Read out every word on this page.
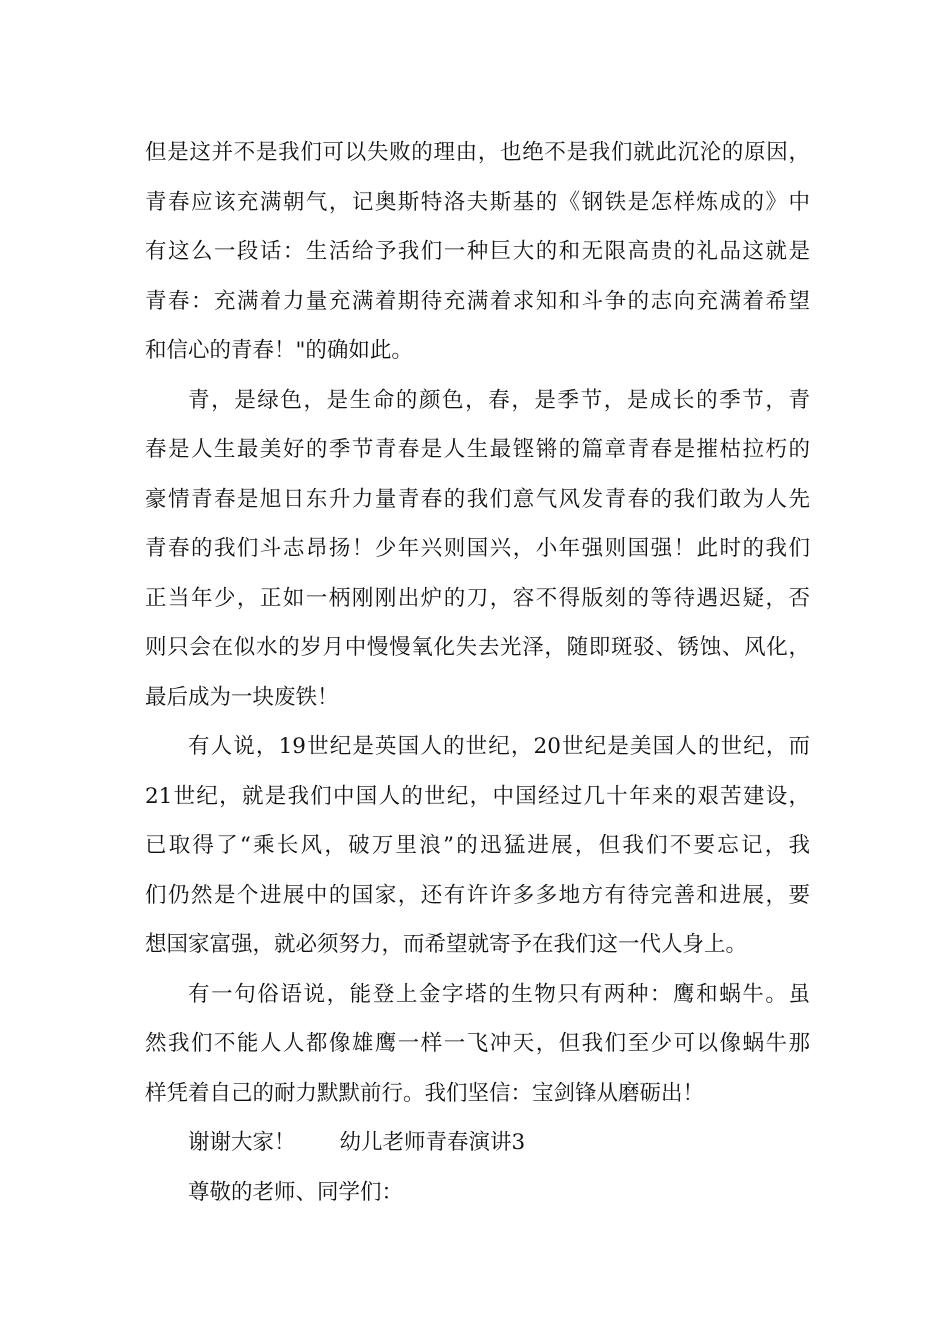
但是这并不是我们可以失败的理由，也绝不是我们就此沉沦的原因，
青春应该充满朝气，记奥斯特洛夫斯基的《钢铁是怎样炼成的》中
有这么一段话：生活给予我们一种巨大的和无限高贵的礼品这就是
青春：充满着力量充满着期待充满着求知和斗争的志向充满着希望
和信心的青春！"的确如此。
青，是绿色，是生命的颜色，春，是季节，是成长的季节，青
春是人生最美好的季节青春是人生最铿锵的篇章青春是摧枯拉朽的
豪情青春是旭日东升力量青春的我们意气风发青春的我们敢为人先
青春的我们斗志昂扬！少年兴则国兴，小年强则国强！此时的我们
正当年少，正如一柄刚刚出炉的刀，容不得版刻的等待遇迟疑，否
则只会在似水的岁月中慢慢氧化失去光泽，随即斑驳、锈蚀、风化，
最后成为一块废铁！
有人说，19世纪是英国人的世纪，20世纪是美国人的世纪，而
21世纪，就是我们中国人的世纪，中国经过几十年来的艰苦建设，
已取得了“乘长风，破万里浪”的迅猛进展，但我们不要忘记，我
们仍然是个进展中的国家，还有许许多多地方有待完善和进展，要
想国家富强，就必须努力，而希望就寄予在我们这一代人身上。
有一句俗语说，能登上金字塔的生物只有两种：鹰和蜗牛。虽
然我们不能人人都像雄鹰一样一飞冲天，但我们至少可以像蜗牛那
样凭着自己的耐力默默前行。我们坚信：宝剑锋从磨砺出！
谢谢大家！ 幼儿老师青春演讲3
尊敬的老师、同学们：
